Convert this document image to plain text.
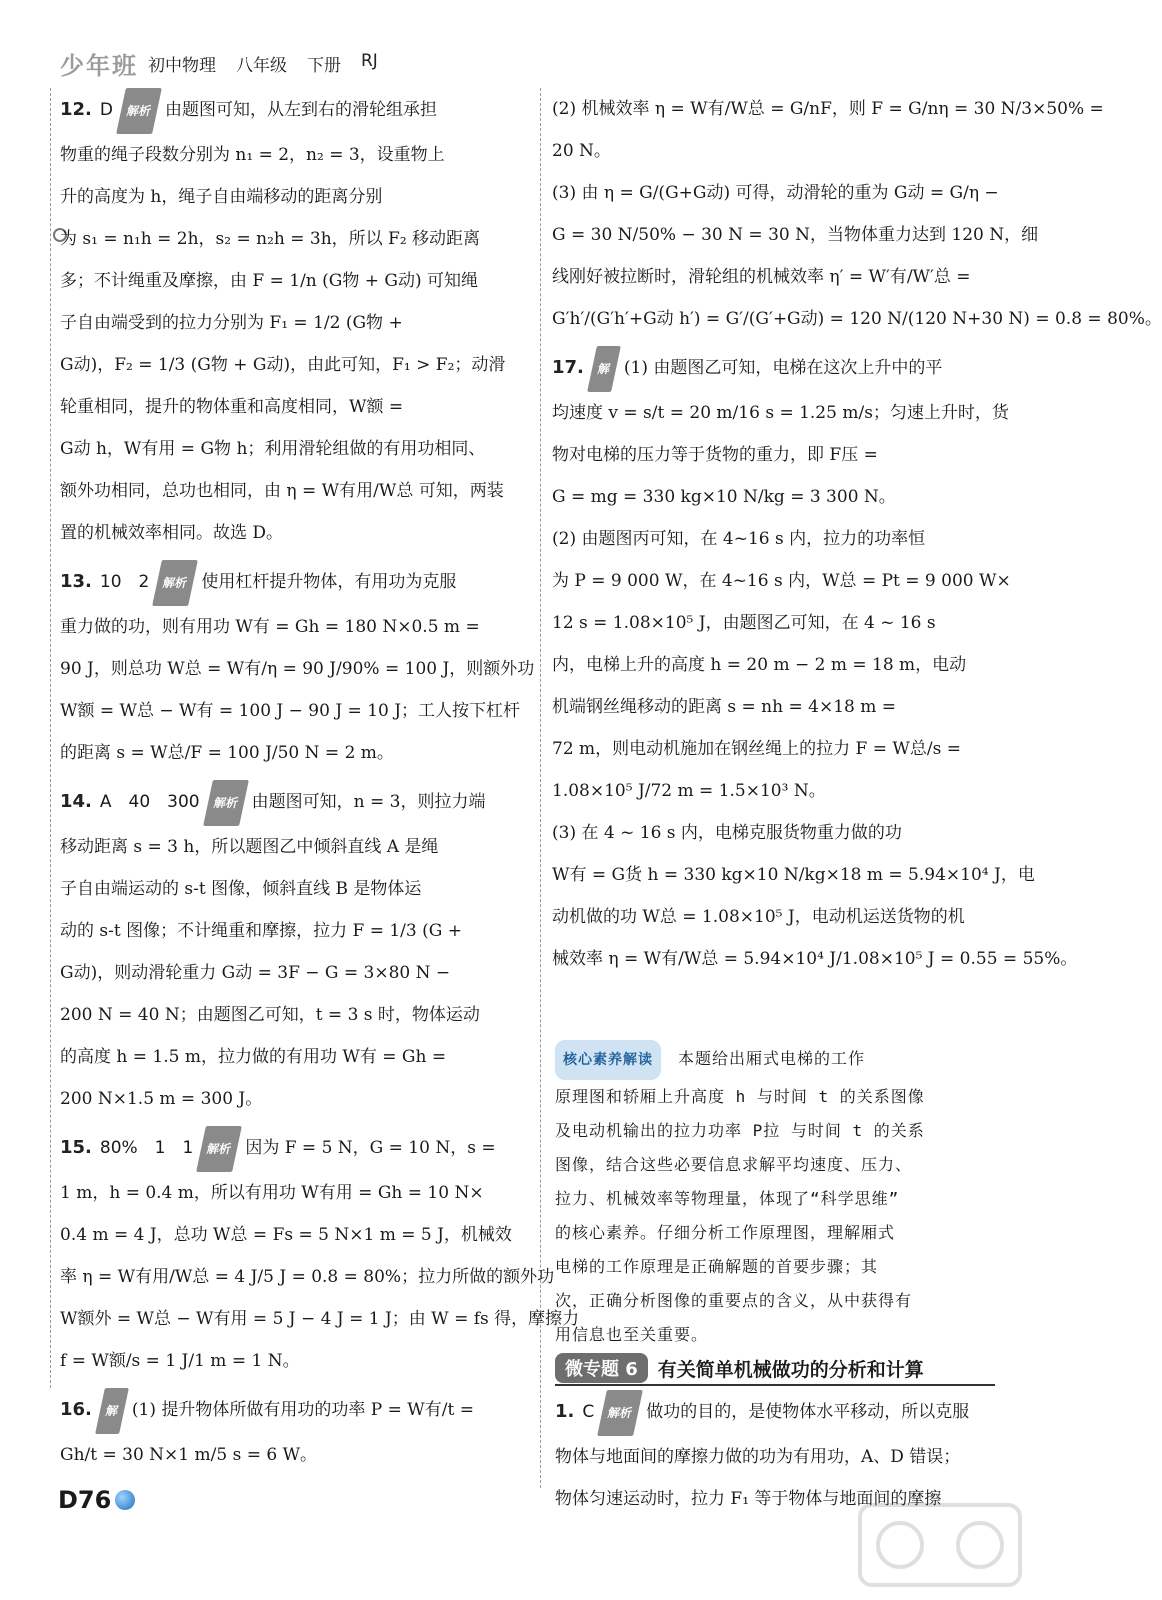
少年班 初中物理 八年级 下册 RJ
12. D	解析 由题图可知，从左到右的滑轮组承担
物重的绳子段数分别为 n₁ = 2，n₂ = 3，设重物上
升的高度为 h，绳子自由端移动的距离分别
为 s₁ = n₁h = 2h，s₂ = n₂h = 3h，所以 F₂ 移动距离
多；不计绳重及摩擦，由 F = 1/n (G物 + G动) 可知绳
子自由端受到的拉力分别为 F₁ = 1/2 (G物 +
G动)，F₂ = 1/3 (G物 + G动)，由此可知，F₁ > F₂；动滑
轮重相同，提升的物体重和高度相同，W额 =
G动 h，W有用 = G物 h；利用滑轮组做的有用功相同、
额外功相同，总功也相同，由 η = W有用/W总 可知，两装
置的机械效率相同。故选 D。
13. 10　2	解析 使用杠杆提升物体，有用功为克服
重力做的功，则有用功 W有 = Gh = 180 N×0.5 m =
90 J，则总功 W总 = W有/η = 90 J/90% = 100 J，则额外功
W额 = W总 − W有 = 100 J − 90 J = 10 J；工人按下杠杆
的距离 s = W总/F = 100 J/50 N = 2 m。
14. A　40　300	解析 由题图可知，n = 3，则拉力端
移动距离 s = 3 h，所以题图乙中倾斜直线 A 是绳
子自由端运动的 s-t 图像，倾斜直线 B 是物体运
动的 s-t 图像；不计绳重和摩擦，拉力 F = 1/3 (G +
G动)，则动滑轮重力 G动 = 3F − G = 3×80 N −
200 N = 40 N；由题图乙可知，t = 3 s 时，物体运动
的高度 h = 1.5 m，拉力做的有用功 W有 = Gh =
200 N×1.5 m = 300 J。
15. 80%　1　1	解析 因为 F = 5 N，G = 10 N，s =
1 m，h = 0.4 m，所以有用功 W有用 = Gh = 10 N×
0.4 m = 4 J，总功 W总 = Fs = 5 N×1 m = 5 J，机械效
率 η = W有用/W总 = 4 J/5 J = 0.8 = 80%；拉力所做的额外功
W额外 = W总 − W有用 = 5 J − 4 J = 1 J；由 W = fs 得，摩擦力
f = W额/s = 1 J/1 m = 1 N。
16.	解 (1) 提升物体所做有用功的功率 P = W有/t =
Gh/t = 30 N×1 m/5 s = 6 W。
(2) 机械效率 η = W有/W总 = G/nF，则 F = G/nη = 30 N/3×50% =
20 N。
(3) 由 η = G/(G+G动) 可得，动滑轮的重为 G动 = G/η −
G = 30 N/50% − 30 N = 30 N，当物体重力达到 120 N，细
线刚好被拉断时，滑轮组的机械效率 η′ = W′有/W′总 =
G′h′/(G′h′+G动 h′) = G′/(G′+G动) = 120 N/(120 N+30 N) = 0.8 = 80%。
17.	解 (1) 由题图乙可知，电梯在这次上升中的平
均速度 v = s/t = 20 m/16 s = 1.25 m/s；匀速上升时，货
物对电梯的压力等于货物的重力，即 F压 =
G = mg = 330 kg×10 N/kg = 3 300 N。
(2) 由题图丙可知，在 4~16 s 内，拉力的功率恒
为 P = 9 000 W，在 4~16 s 内，W总 = Pt = 9 000 W×
12 s = 1.08×10⁵ J，由题图乙可知，在 4 ~ 16 s
内，电梯上升的高度 h = 20 m − 2 m = 18 m，电动
机端钢丝绳移动的距离 s = nh = 4×18 m =
72 m，则电动机施加在钢丝绳上的拉力 F = W总/s =
1.08×10⁵ J/72 m = 1.5×10³ N。
(3) 在 4 ~ 16 s 内，电梯克服货物重力做的功
W有 = G货 h = 330 kg×10 N/kg×18 m = 5.94×10⁴ J，电
动机做的功 W总 = 1.08×10⁵ J，电动机运送货物的机
械效率 η = W有/W总 = 5.94×10⁴ J/1.08×10⁵ J = 0.55 = 55%。
核心素养解读　 本题给出厢式电梯的工作
原理图和轿厢上升高度 h 与时间 t 的关系图像
及电动机输出的拉力功率 P拉 与时间 t 的关系
图像，结合这些必要信息求解平均速度、压力、
拉力、机械效率等物理量，体现了“科学思维”
的核心素养。仔细分析工作原理图，理解厢式
电梯的工作原理是正确解题的首要步骤；其
次，正确分析图像的重要点的含义，从中获得有
用信息也至关重要。
微专题 6	有关简单机械做功的分析和计算
1. C	解析 做功的目的，是使物体水平移动，所以克服
物体与地面间的摩擦力做的功为有用功，A、D 错误；
物体匀速运动时，拉力 F₁ 等于物体与地面间的摩擦
D76
